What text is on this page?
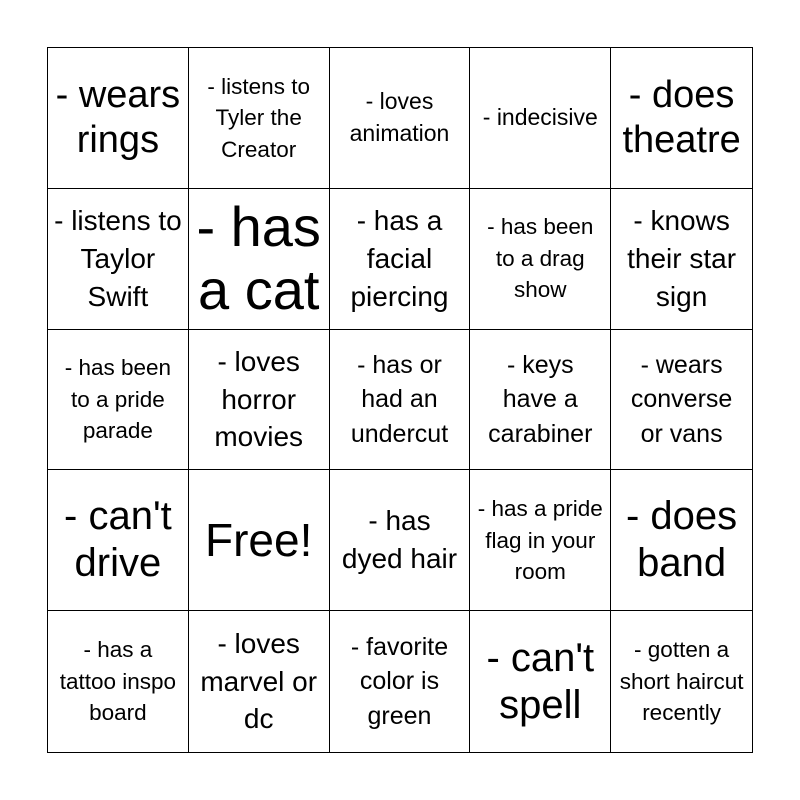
- wears rings
- listens to Tyler the Creator
- loves animation
- indecisive
- does theatre
- listens to Taylor Swift
- has a cat
- has a facial piercing
- has been to a drag show
- knows their star sign
- has been to a pride parade
- loves horror movies
- has or had an undercut
- keys have a carabiner
- wears converse or vans
- can't drive Free!	- has dyed hair
- has a pride flag in your room
- does band
- has a tattoo inspo board
- loves marvel or dc
- favorite color is green
- can't spell
- gotten a short haircut recently
